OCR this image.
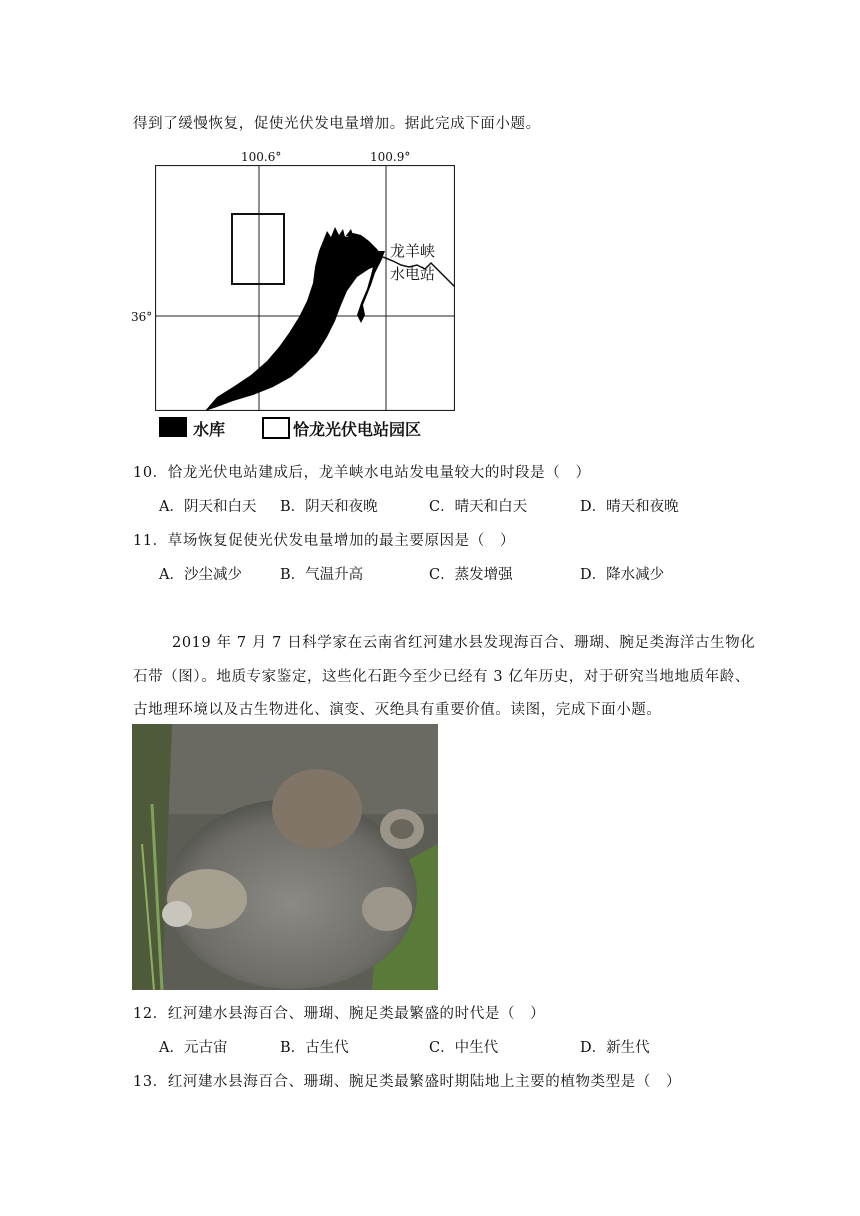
得到了缓慢恢复，促使光伏发电量增加。据此完成下面小题。
100.6°	100.9°
36°
龙羊峡
水电站
水库	恰龙光伏电站园区
10．恰龙光伏电站建成后，龙羊峡水电站发电量较大的时段是（　）
A．阴天和白天 B．阴天和夜晚	C．晴天和白天	D．晴天和夜晚
11．草场恢复促使光伏发电量增加的最主要原因是（　）
A．沙尘减少	B．气温升高	C．蒸发增强	D．降水减少
2019 年 7 月 7 日科学家在云南省红河建水县发现海百合、珊瑚、腕足类海洋古生物化
石带（图）。地质专家鉴定，这些化石距今至少已经有 3 亿年历史，对于研究当地地质年龄、
古地理环境以及古生物进化、演变、灭绝具有重要价值。读图，完成下面小题。
12．红河建水县海百合、珊瑚、腕足类最繁盛的时代是（　）
A．元古宙	B．古生代	C．中生代	D．新生代
13．红河建水县海百合、珊瑚、腕足类最繁盛时期陆地上主要的植物类型是（　）
